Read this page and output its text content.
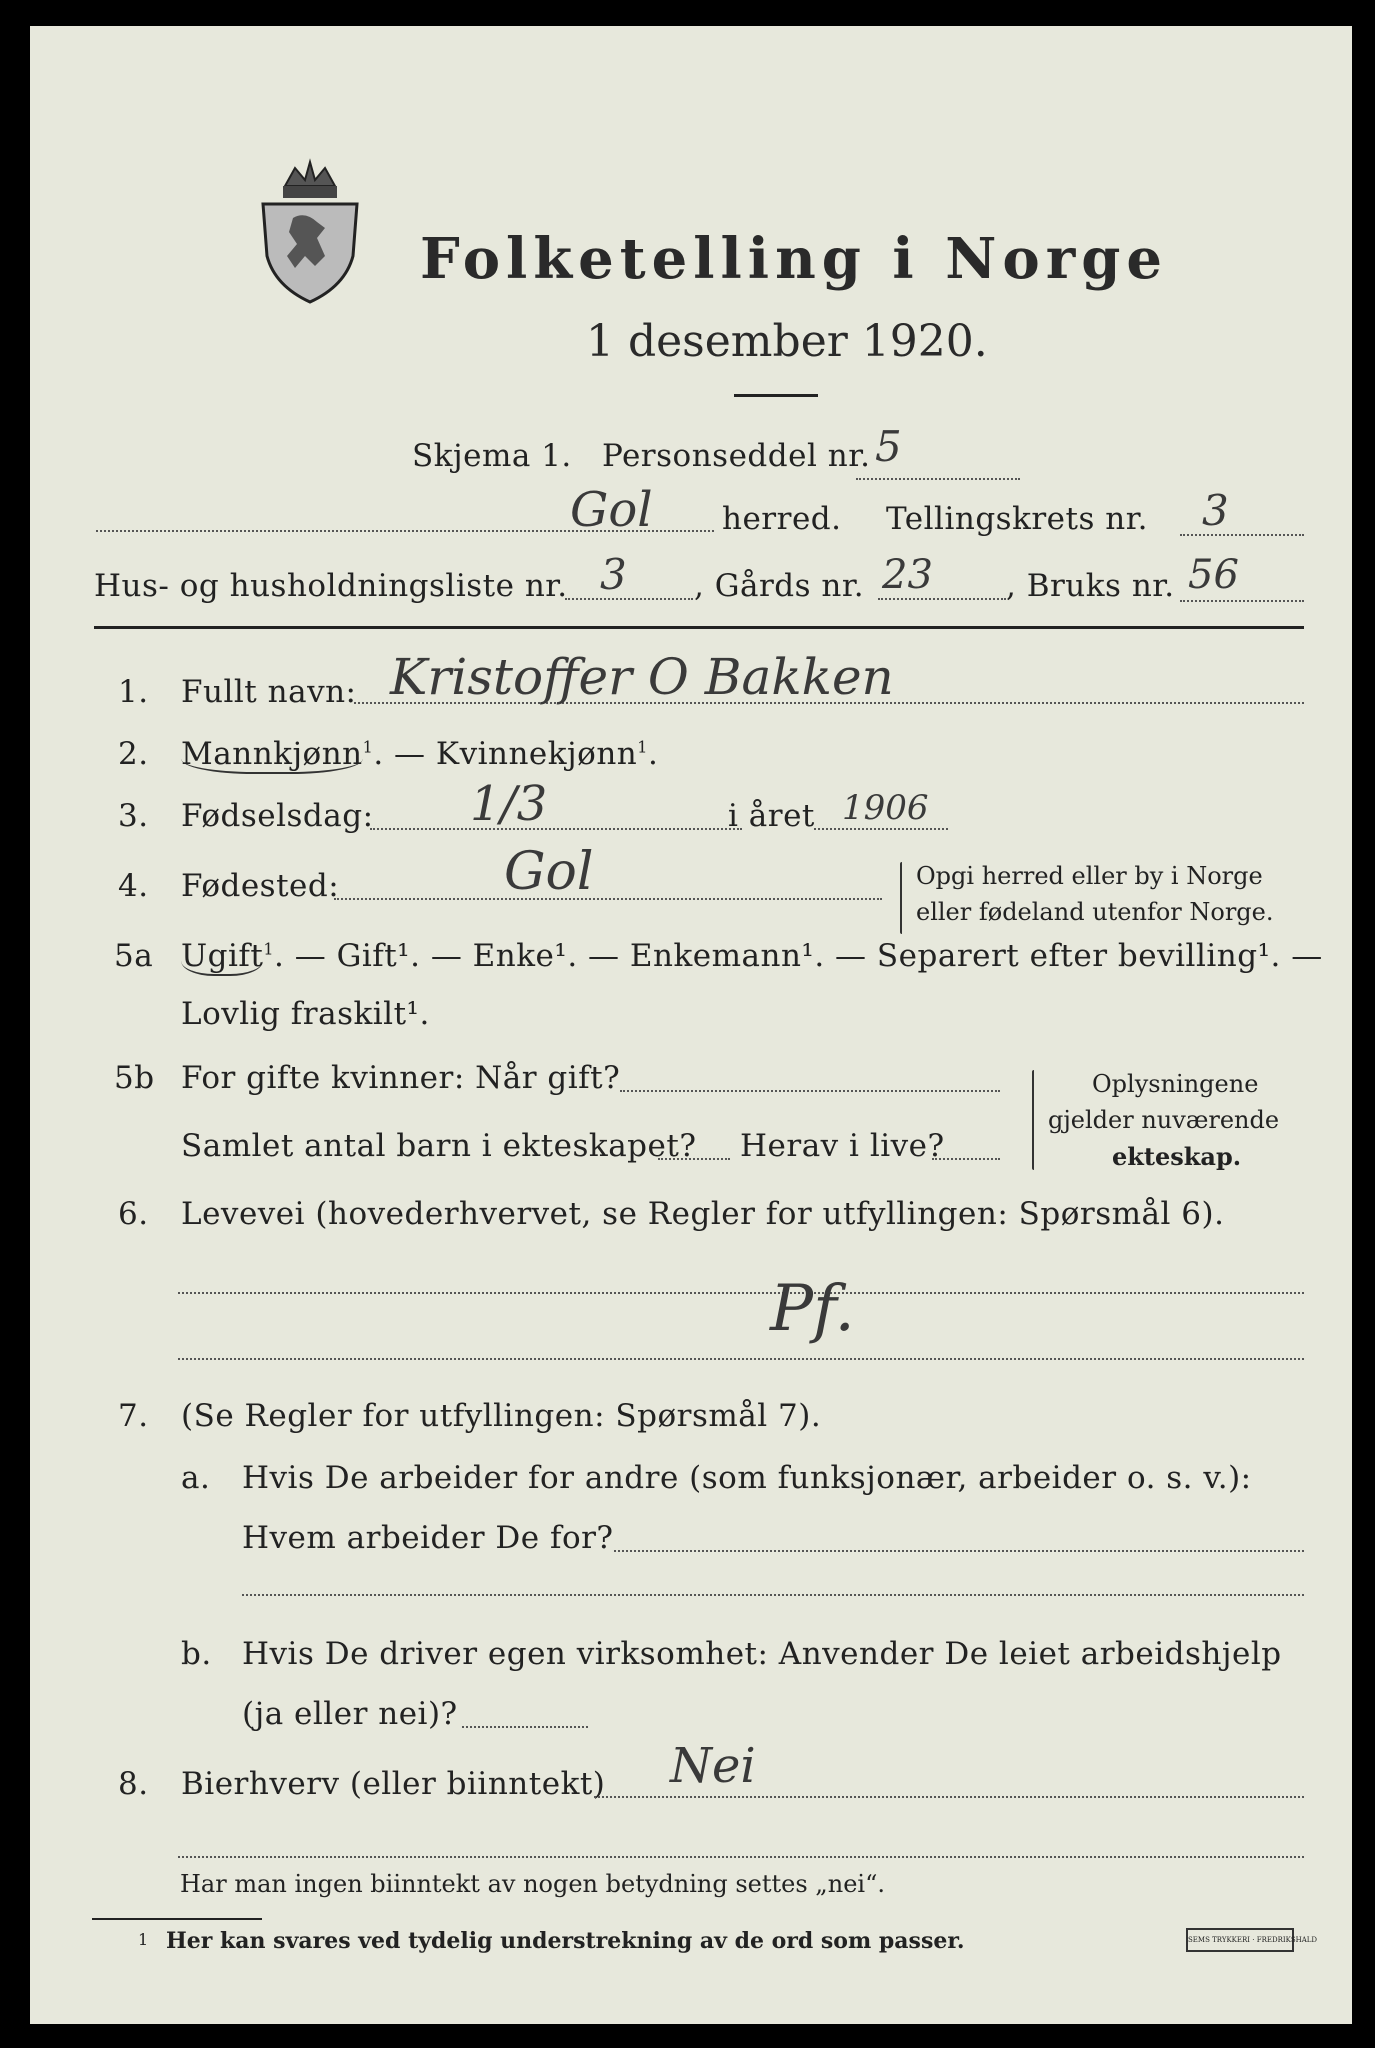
Folketelling i Norge
1 desember 1920.
Skjema 1. Personseddel nr. 5
Gol herred. Tellingskrets nr. 3
Hus- og husholdningsliste nr. 3 , Gårds nr. 23 , Bruks nr. 56
1. Fullt navn: Kristoffer O Bakken
2. Mannkjønn$^1$. — Kvinnekjønn$^1$.
3. Fødselsdag: 1/3	i året 1906
4. Fødested:	Gol	Opgi herred eller by i Norge
eller fødeland utenfor Norge.
5a Ugift$^1$. — Gift¹. — Enke¹. — Enkemann¹. — Separert efter bevilling¹. —
Lovlig fraskilt¹.
5b For gifte kvinner: Når gift?
Samlet antal barn i ekteskapet? Herav i live?
Oplysningene
gjelder nuværende
ekteskap.
6. Levevei (hovederhvervet, se Regler for utfyllingen: Spørsmål 6).
Pf.
7. (Se Regler for utfyllingen: Spørsmål 7).
a. Hvis De arbeider for andre (som funksjonær, arbeider o. s. v.):
Hvem arbeider De for?
b. Hvis De driver egen virksomhet: Anvender De leiet arbeidshjelp
(ja eller nei)?
8. Bierhverv (eller biinntekt) Nei
Har man ingen biinntekt av nogen betydning settes „nei“.
1 Her kan svares ved tydelig understrekning av de ord som passer.	SEMS TRYKKERI · FREDRIKSHALD
